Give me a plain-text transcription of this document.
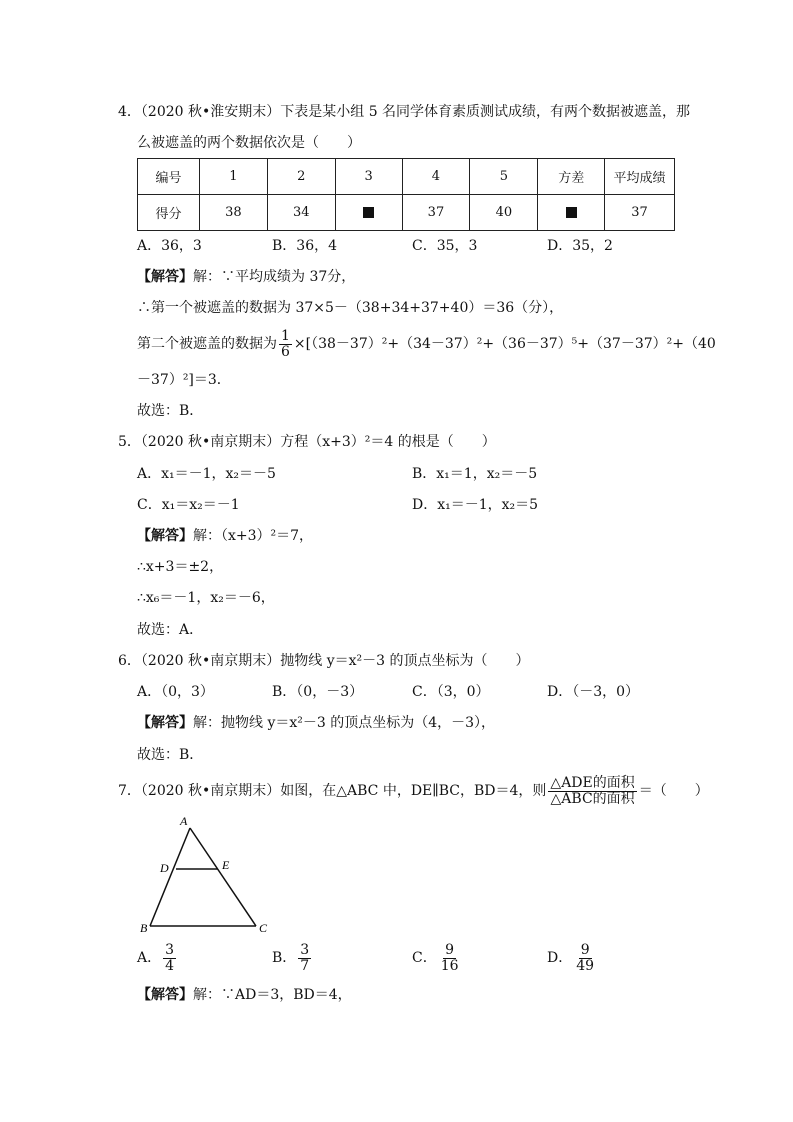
4．（2020 秋•淮安期末）下表是某小组 5 名同学体育素质测试成绩，有两个数据被遮盖，那
么被遮盖的两个数据依次是（　　）
编号	1	2	3	4	5	方差	平均成绩
得分	38	34		37	40		37
A．36，3	B．36，4	C．35，3	D．35，2
【解答】解：∵平均成绩为 37分，
∴第一个被遮盖的数据为 37×5－（38+34+37+40）＝36（分），
第二个被遮盖的数据为 $\frac{1}{6} \times[(38-37)^2+(34-37)^2+(36-37)^5+(37-37)^2+(40$
－37）²]＝3．
故选：B．
5．（2020 秋•南京期末）方程（x+3）²＝4 的根是（　　）
A．x₁＝－1，x₂＝－5	B．x₁＝1，x₂＝－5
C．x₁＝x₂＝－1	D．x₁＝－1，x₂＝5
【解答】解：（x+3）²＝7，
∴x+3＝±2，
∴x₆＝－1，x₂＝－6，
故选：A．
6．（2020 秋•南京期末）抛物线 y＝x²－3 的顶点坐标为（　　）
A．（0，3）	B．（0，－3）	C．（3，0）	D．（－3，0）
【解答】解：抛物线 y＝x²－3 的顶点坐标为（4，－3），
故选：B．
7．（2020 秋•南京期末）如图，在△ABC 中，DE∥BC，BD＝4，则 $\frac{\text{△ADE的面积}}{\text{△ABC的面积}}$ ＝（　　）
A
D	E
B	C
A． $\frac{3}{4}$	B． $\frac{3}{7}$	C． $\frac{9}{16}$	D． $\frac{9}{49}$
【解答】解：∵AD＝3，BD＝4，
